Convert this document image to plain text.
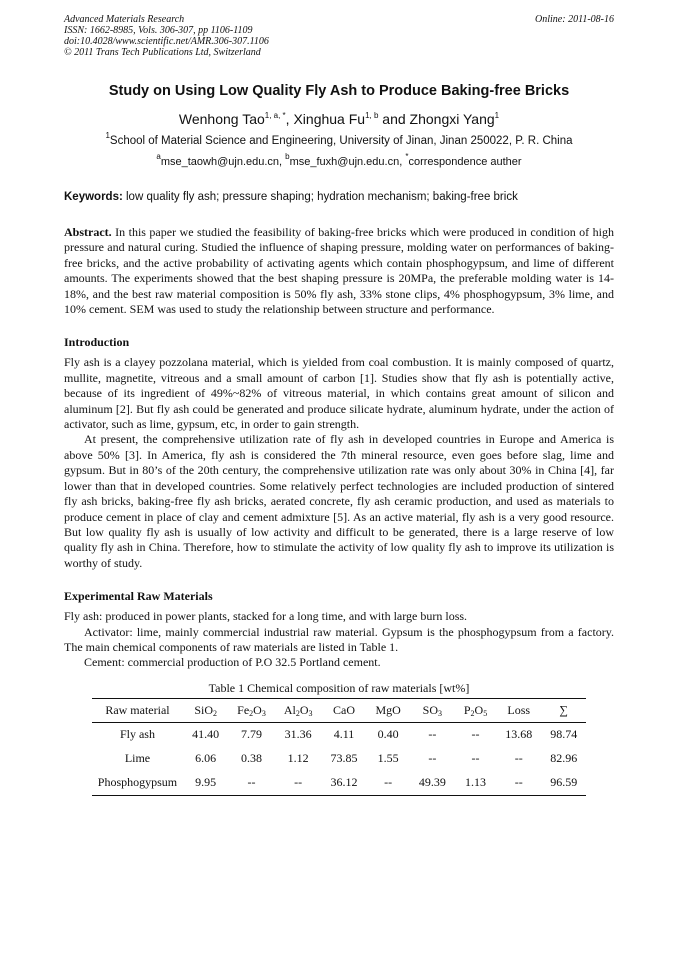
Advanced Materials Research
ISSN: 1662-8985, Vols. 306-307, pp 1106-1109
doi:10.4028/www.scientific.net/AMR.306-307.1106
© 2011 Trans Tech Publications Ltd, Switzerland
Online: 2011-08-16
Study on Using Low Quality Fly Ash to Produce Baking-free Bricks
Wenhong Tao$^{1, a, *}$, Xinghua Fu$^{1, b}$ and Zhongxi Yang$^1$
$^1$School of Material Science and Engineering, University of Jinan, Jinan 250022, P. R. China
$^a$mse_taowh@ujn.edu.cn, $^b$mse_fuxh@ujn.edu.cn, *correspondence auther
Keywords: low quality fly ash; pressure shaping; hydration mechanism; baking-free brick

Abstract. In this paper we studied the feasibility of baking-free bricks which were produced in condition of high pressure and natural curing. Studied the influence of shaping pressure, molding water on performances of baking-free bricks, and the active probability of activating agents which contain phosphogypsum, and lime of different amounts. The experiments showed that the best shaping pressure is 20MPa, the preferable molding water is 14-18%, and the best raw material composition is 50% fly ash, 33% stone clips, 4% phosphogypsum, 3% lime, and 10% cement. SEM was used to study the relationship between structure and performance.

Introduction

Fly ash is a clayey pozzolana material, which is yielded from coal combustion. It is mainly composed of quartz, mullite, magnetite, vitreous and a small amount of carbon [1]. Studies show that fly ash is potentially active, because of its ingredient of 49%~82% of vitreous material, in which contains great amount of silicon and aluminum [2]. But fly ash could be generated and produce silicate hydrate, aluminum hydrate, under the action of activator, such as lime, gypsum, etc, in order to gain strength.

At present, the comprehensive utilization rate of fly ash in developed countries in Europe and America is above 50% [3]. In America, fly ash is considered the 7th mineral resource, even goes before slag, lime and gypsum. But in 80’s of the 20th century, the comprehensive utilization rate was only about 30% in China [4], far lower than that in developed countries. Some relatively perfect technologies are included production of sintered fly ash bricks, baking-free fly ash bricks, aerated concrete, fly ash ceramic production, and used as materials to produce cement in place of clay and cement admixture [5]. As an active material, fly ash is a very good resource. But low quality fly ash is usually of low activity and difficult to be generated, there is a large reserve of low quality fly ash in China. Therefore, how to stimulate the activity of low quality fly ash to improve its utilization is worthy of study.

Experimental Raw Materials

Fly ash: produced in power plants, stacked for a long time, and with large burn loss.

Activator: lime, mainly commercial industrial raw material. Gypsum is the phosphogypsum from a factory. The main chemical components of raw materials are listed in Table 1.

Cement: commercial production of P.O 32.5 Portland cement.

Table 1 Chemical composition of raw materials [wt%]
Raw material	SiO$_2$	$Fe_2O_3$	$Al_2O_3$	CaO	MgO	$SO_3$	$P_2O_5$	Loss	∑
Fly ash	41.40	7.79	31.36	4.11	0.40	--	--	13.68	98.74
Lime	6.06	0.38	1.12	73.85	1.55	--	--	--	82.96
Phosphogypsum	9.95	--	--	36.12	--	49.39	1.13	--	96.59
